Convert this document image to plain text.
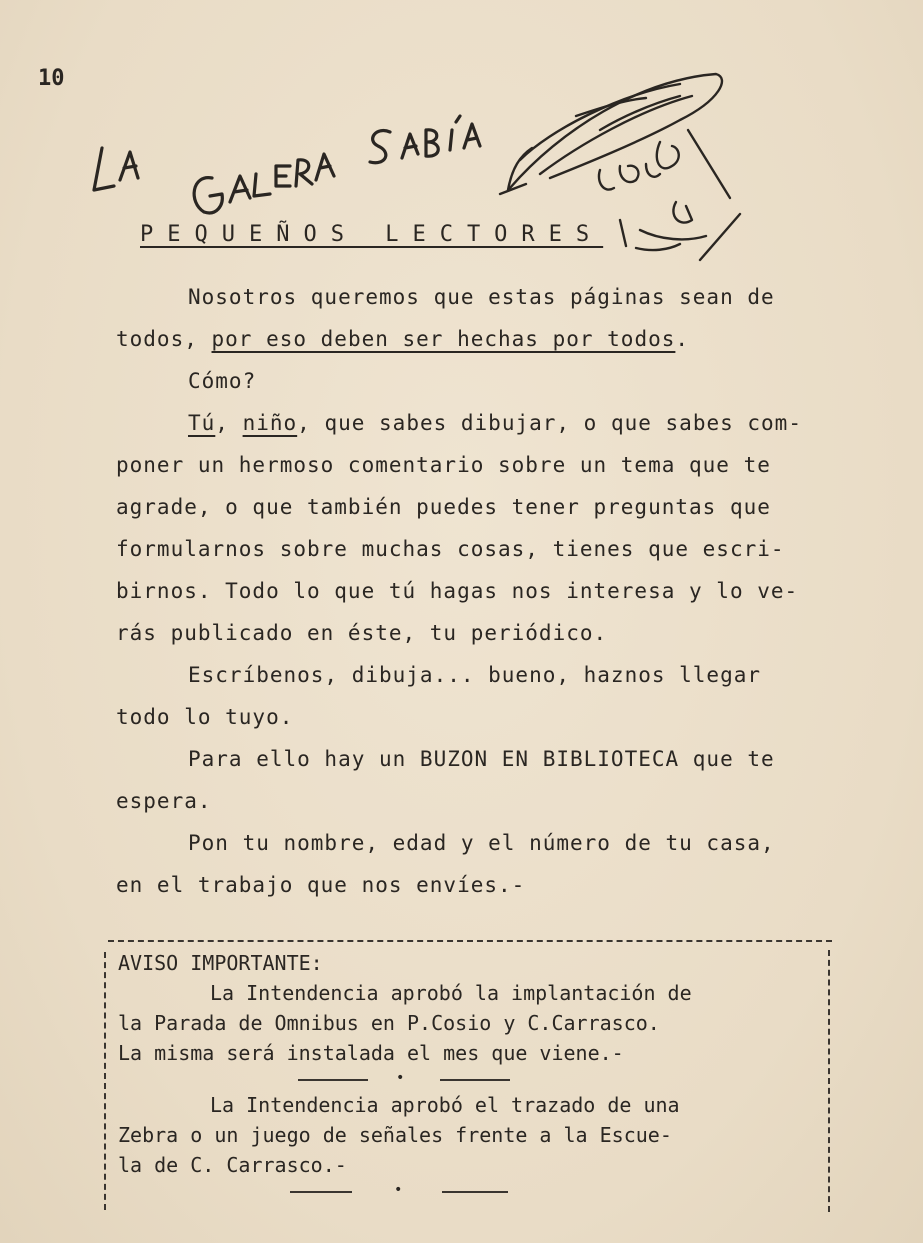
10
PEQUEÑOS LECTORES
Nosotros queremos que estas páginas sean de
todos, por eso deben ser hechas por todos.
Cómo?
Tú, niño, que sabes dibujar, o que sabes com-
poner un hermoso comentario sobre un tema que te
agrade, o que también puedes tener preguntas que
formularnos sobre muchas cosas, tienes que escri-
birnos. Todo lo que tú hagas nos interesa y lo ve-
rás publicado en éste, tu periódico.
Escríbenos, dibuja... bueno, haznos llegar
todo lo tuyo.
Para ello hay un BUZON EN BIBLIOTECA que te
espera.
Pon tu nombre, edad y el número de tu casa,
en el trabajo que nos envíes.-
AVISO IMPORTANTE:
La Intendencia aprobó la implantación de
la Parada de Omnibus en P.Cosio y C.Carrasco.
La misma será instalada el mes que viene.-
•
La Intendencia aprobó el trazado de una
Zebra o un juego de señales frente a la Escue-
la de C. Carrasco.-
•
